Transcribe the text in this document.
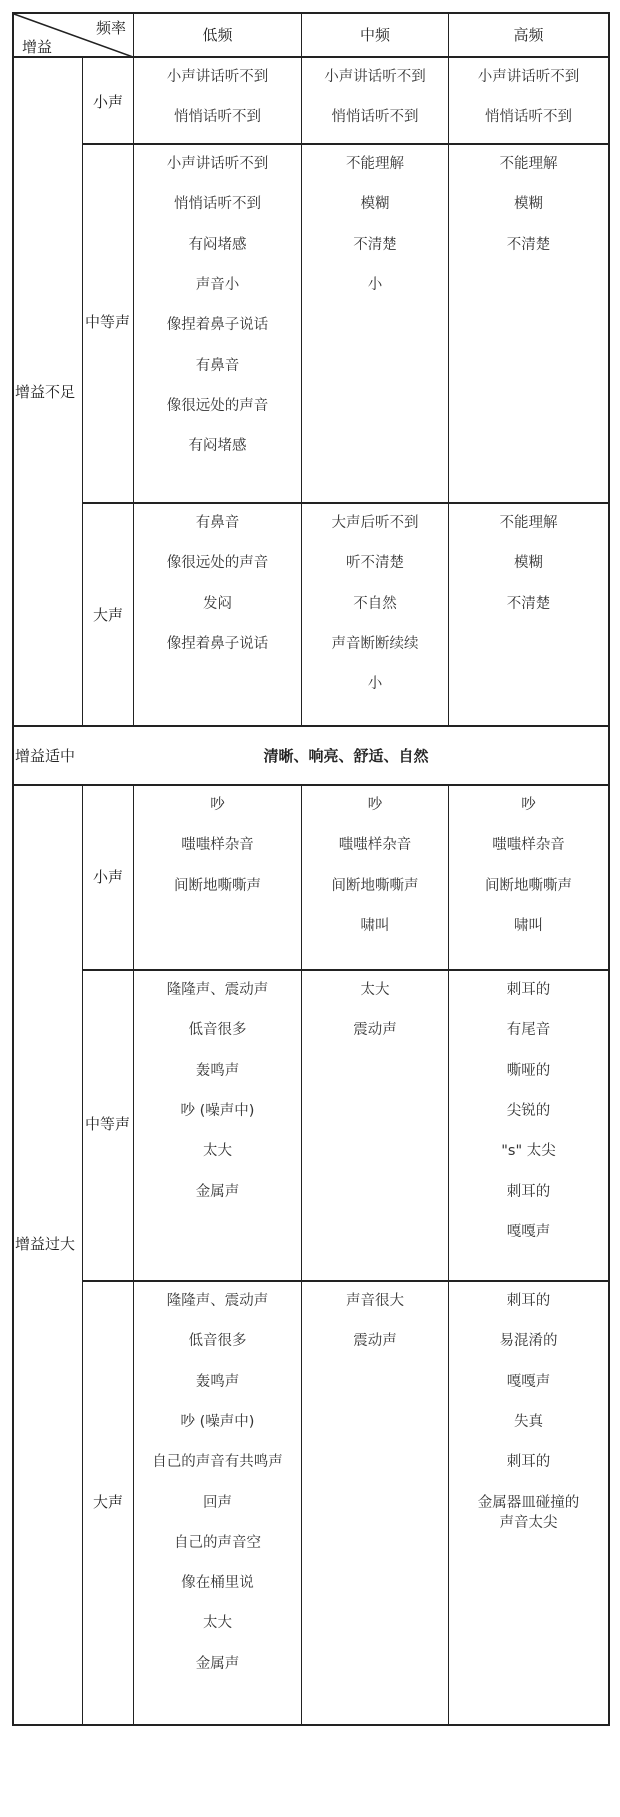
频率
增益
低频	中频	高频
增益不足
增益适中
增益过大
清晰、响亮、舒适、自然
小声
中等声
大声
小声
中等声
大声
小声讲话听不到
悄悄话听不到
小声讲话听不到
悄悄话听不到
小声讲话听不到
悄悄话听不到
小声讲话听不到
悄悄话听不到
有闷堵感
声音小
像捏着鼻子说话
有鼻音
像很远处的声音
有闷堵感
不能理解
模糊
不清楚
小
不能理解
模糊
不清楚
有鼻音
像很远处的声音
发闷
像捏着鼻子说话
大声后听不到
听不清楚
不自然
声音断断续续
小
不能理解
模糊
不清楚
吵
嗤嗤样杂音
间断地嘶嘶声
吵
嗤嗤样杂音
间断地嘶嘶声
啸叫
吵
嗤嗤样杂音
间断地嘶嘶声
啸叫
隆隆声、震动声
低音很多
轰鸣声
吵 (噪声中)
太大
金属声
太大
震动声
刺耳的
有尾音
嘶哑的
尖锐的
"s" 太尖
刺耳的
嘎嘎声
隆隆声、震动声
低音很多
轰鸣声
吵 (噪声中)
自己的声音有共鸣声
回声
自己的声音空
像在桶里说
太大
金属声
声音很大
震动声
刺耳的
易混淆的
嘎嘎声
失真
刺耳的
金属器皿碰撞的
声音太尖
